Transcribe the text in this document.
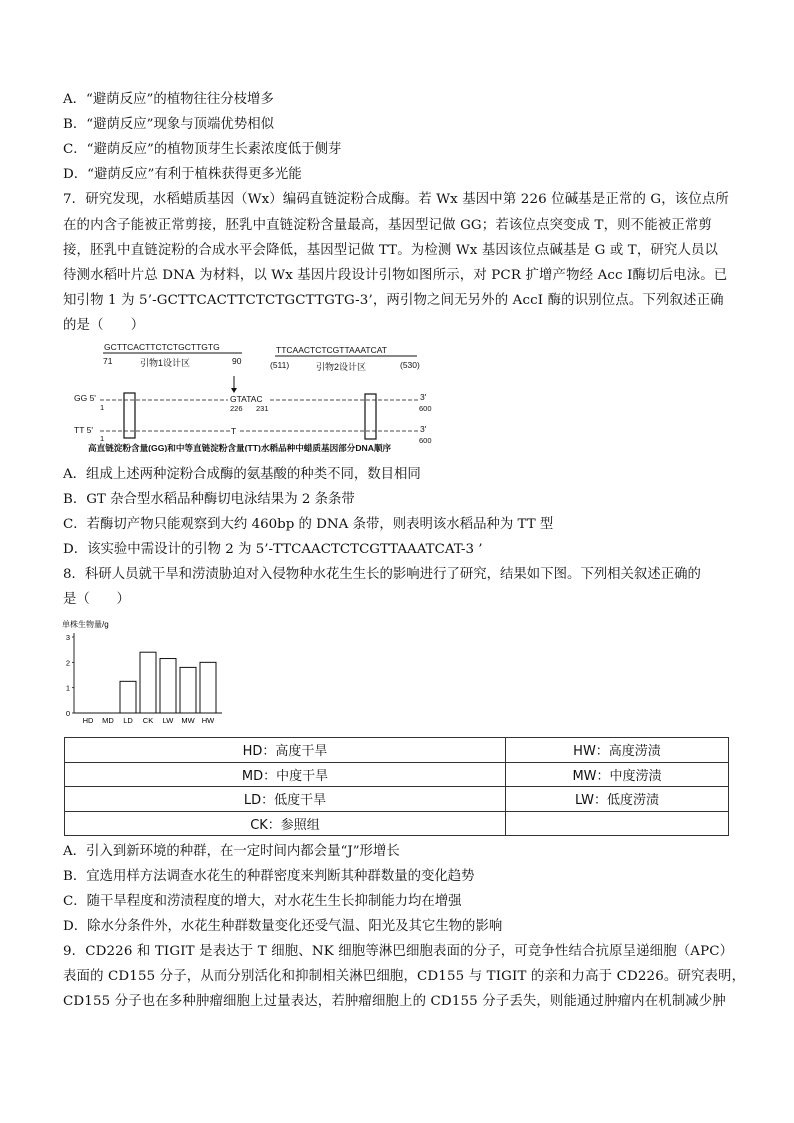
A．“避荫反应”的植物往往分枝增多
B．“避荫反应”现象与顶端优势相似
C．“避荫反应”的植物顶芽生长素浓度低于侧芽
D．“避荫反应”有利于植株获得更多光能
7．研究发现，水稻蜡质基因（Wx）编码直链淀粉合成酶。若 Wx 基因中第 226 位碱基是正常的 G，该位点所
在的内含子能被正常剪接，胚乳中直链淀粉含量最高，基因型记做 GG；若该位点突变成 T，则不能被正常剪
接，胚乳中直链淀粉的合成水平会降低，基因型记做 TT。为检测 Wx 基因该位点碱基是 G 或 T，研究人员以
待测水稻叶片总 DNA 为材料，以 Wx 基因片段设计引物如图所示，对 PCR 扩增产物经 Acc Ⅰ酶切后电泳。已
知引物 1 为 5’-GCTTCACTTCTCTGCTTGTG-3’，两引物之间无另外的 AccI 酶的识别位点。下列叙述正确
的是（　　）
GCTTCACTTCTCTGCTTGTG
71	90
引物1设计区
TTCAACTCTCGTTAAATCAT
(511)	(530)
引物2设计区
GG 5'
1
GTATAC
226 231
3'
600
TT 5'
1
T	3'
600
高直链淀粉含量(GG)和中等直链淀粉含量(TT)水稻品种中蜡质基因部分DNA顺序
A．组成上述两种淀粉合成酶的氨基酸的种类不同，数目相同
B．GT 杂合型水稻品种酶切电泳结果为 2 条条带
C．若酶切产物只能观察到大约 460bp 的 DNA 条带，则表明该水稻品种为 TT 型
D．该实验中需设计的引物 2 为 5’-TTCAACTCTCGTTAAATCAT-3 ’
8．科研人员就干旱和涝渍胁迫对入侵物种水花生生长的影响进行了研究，结果如下图。下列相关叙述正确的
是（　　）
单株生物量/g
0
1
2
3
HD MD LD CK LW MW HW
HD：高度干旱	HW：高度涝渍
MD：中度干旱	MW：中度涝渍
LD：低度干旱	LW：低度涝渍
CK：参照组	
A．引入到新环境的种群，在一定时间内都会量“J”形增长
B．宜选用样方法调查水花生的种群密度来判断其种群数量的变化趋势
C．随干旱程度和涝渍程度的增大，对水花生生长抑制能力均在增强
D．除水分条件外，水花生种群数量变化还受气温、阳光及其它生物的影响
9．CD226 和 TIGIT 是表达于 T 细胞、NK 细胞等淋巴细胞表面的分子，可竞争性结合抗原呈递细胞（APC）
表面的 CD155 分子，从而分别活化和抑制相关淋巴细胞，CD155 与 TIGIT 的亲和力高于 CD226。研究表明，
CD155 分子也在多种肿瘤细胞上过量表达，若肿瘤细胞上的 CD155 分子丢失，则能通过肿瘤内在机制减少肿
